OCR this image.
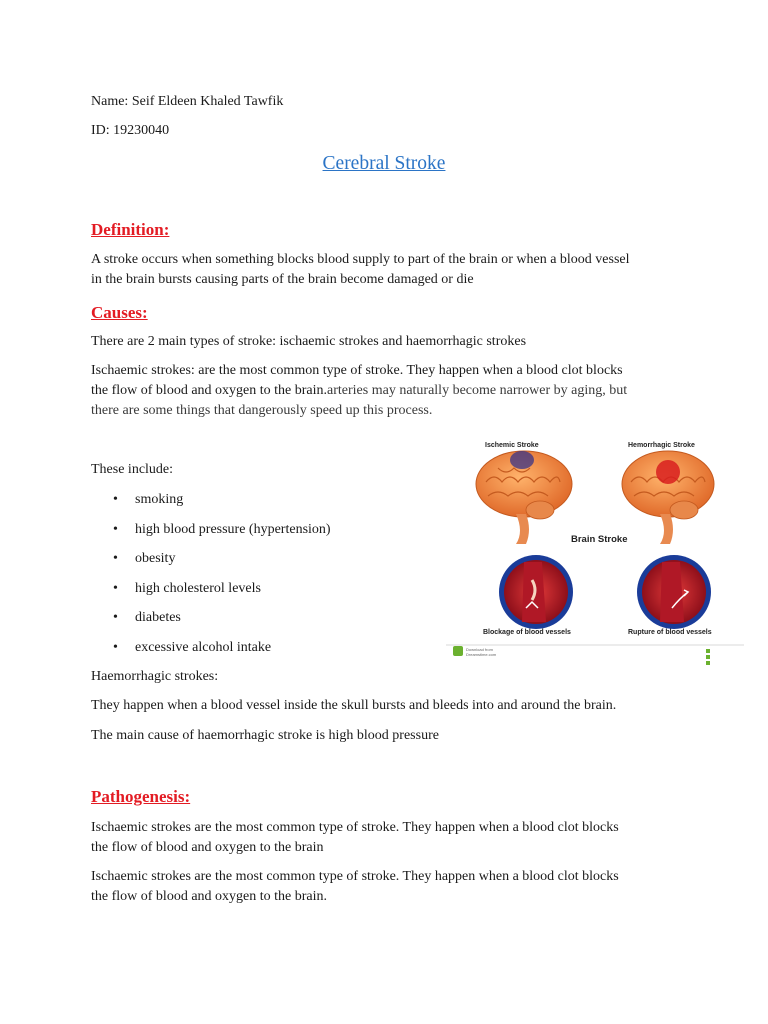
Name: Seif Eldeen Khaled Tawfik

ID: 19230040

Cerebral Stroke
Definition:

A stroke occurs when something blocks blood supply to part of the brain or when a blood vessel

in the brain bursts causing parts of the brain become damaged or die

Causes:

There are 2 main types of stroke: ischaemic strokes and haemorrhagic strokes

Ischaemic strokes: are the most common type of stroke. They happen when a blood clot blocks

the flow of blood and oxygen to the brain.arteries may naturally become narrower by aging, but

there are some things that dangerously speed up this process.

These include:

• smoking
• high blood pressure (hypertension)
• obesity
• high cholesterol levels
• diabetes
• excessive alcohol intake

Haemorrhagic strokes:

They happen when a blood vessel inside the skull bursts and bleeds into and around the brain.

The main cause of haemorrhagic stroke is high blood pressure

Pathogenesis:

Ischaemic strokes are the most common type of stroke. They happen when a blood clot blocks

the flow of blood and oxygen to the brain

Ischaemic strokes are the most common type of stroke. They happen when a blood clot blocks

the flow of blood and oxygen to the brain.

Ischemic Stroke	Hemorrhagic Stroke
Brain Stroke
Blockage of blood vessels	Rupture of blood vessels
Download from
Dreamstime.com
